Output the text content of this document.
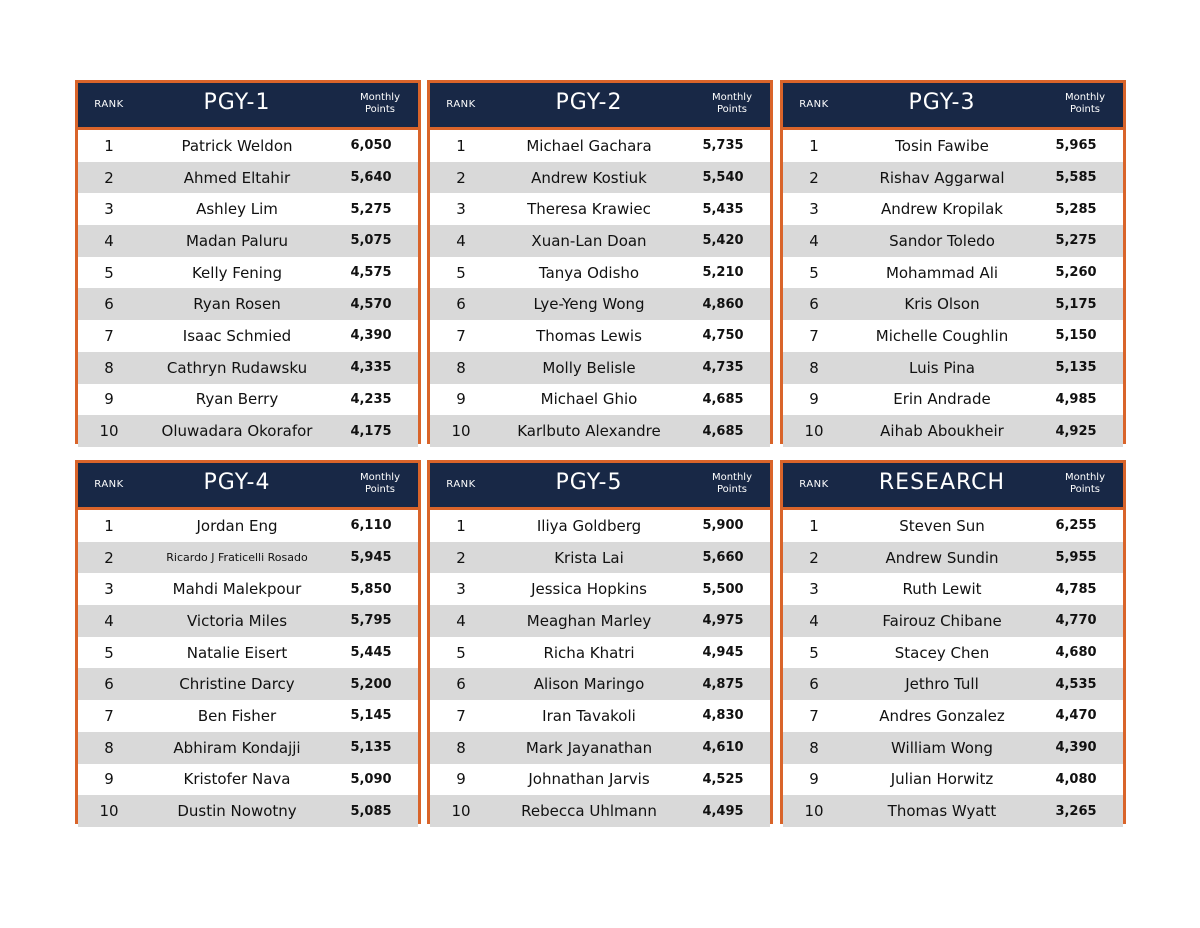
RANK	PGY-1	Monthly
Points
1	Patrick Weldon	6,050
2	Ahmed Eltahir	5,640
3	Ashley Lim	5,275
4	Madan Paluru	5,075
5	Kelly Fening	4,575
6	Ryan Rosen	4,570
7	Isaac Schmied	4,390
8	Cathryn Rudawsku	4,335
9	Ryan Berry	4,235
10	Oluwadara Okorafor	4,175
RANK	PGY-2	Monthly
Points
1	Michael Gachara	5,735
2	Andrew Kostiuk	5,540
3	Theresa Krawiec	5,435
4	Xuan-Lan Doan	5,420
5	Tanya Odisho	5,210
6	Lye-Yeng Wong	4,860
7	Thomas Lewis	4,750
8	Molly Belisle	4,735
9	Michael Ghio	4,685
10	Karlbuto Alexandre	4,685
RANK	PGY-3	Monthly
Points
1	Tosin Fawibe	5,965
2	Rishav Aggarwal	5,585
3	Andrew Kropilak	5,285
4	Sandor Toledo	5,275
5	Mohammad Ali	5,260
6	Kris Olson	5,175
7	Michelle Coughlin	5,150
8	Luis Pina	5,135
9	Erin Andrade	4,985
10	Aihab Aboukheir	4,925
RANK	PGY-4	Monthly
Points
1	Jordan Eng	6,110
2	Ricardo J Fraticelli Rosado	5,945
3	Mahdi Malekpour	5,850
4	Victoria Miles	5,795
5	Natalie Eisert	5,445
6	Christine Darcy	5,200
7	Ben Fisher	5,145
8	Abhiram Kondajji	5,135
9	Kristofer Nava	5,090
10	Dustin Nowotny	5,085
RANK	PGY-5	Monthly
Points
1	Iliya Goldberg	5,900
2	Krista Lai	5,660
3	Jessica Hopkins	5,500
4	Meaghan Marley	4,975
5	Richa Khatri	4,945
6	Alison Maringo	4,875
7	Iran Tavakoli	4,830
8	Mark Jayanathan	4,610
9	Johnathan Jarvis	4,525
10	Rebecca Uhlmann	4,495
RANK	RESEARCH	Monthly
Points
1	Steven Sun	6,255
2	Andrew Sundin	5,955
3	Ruth Lewit	4,785
4	Fairouz Chibane	4,770
5	Stacey Chen	4,680
6	Jethro Tull	4,535
7	Andres Gonzalez	4,470
8	William Wong	4,390
9	Julian Horwitz	4,080
10	Thomas Wyatt	3,265
